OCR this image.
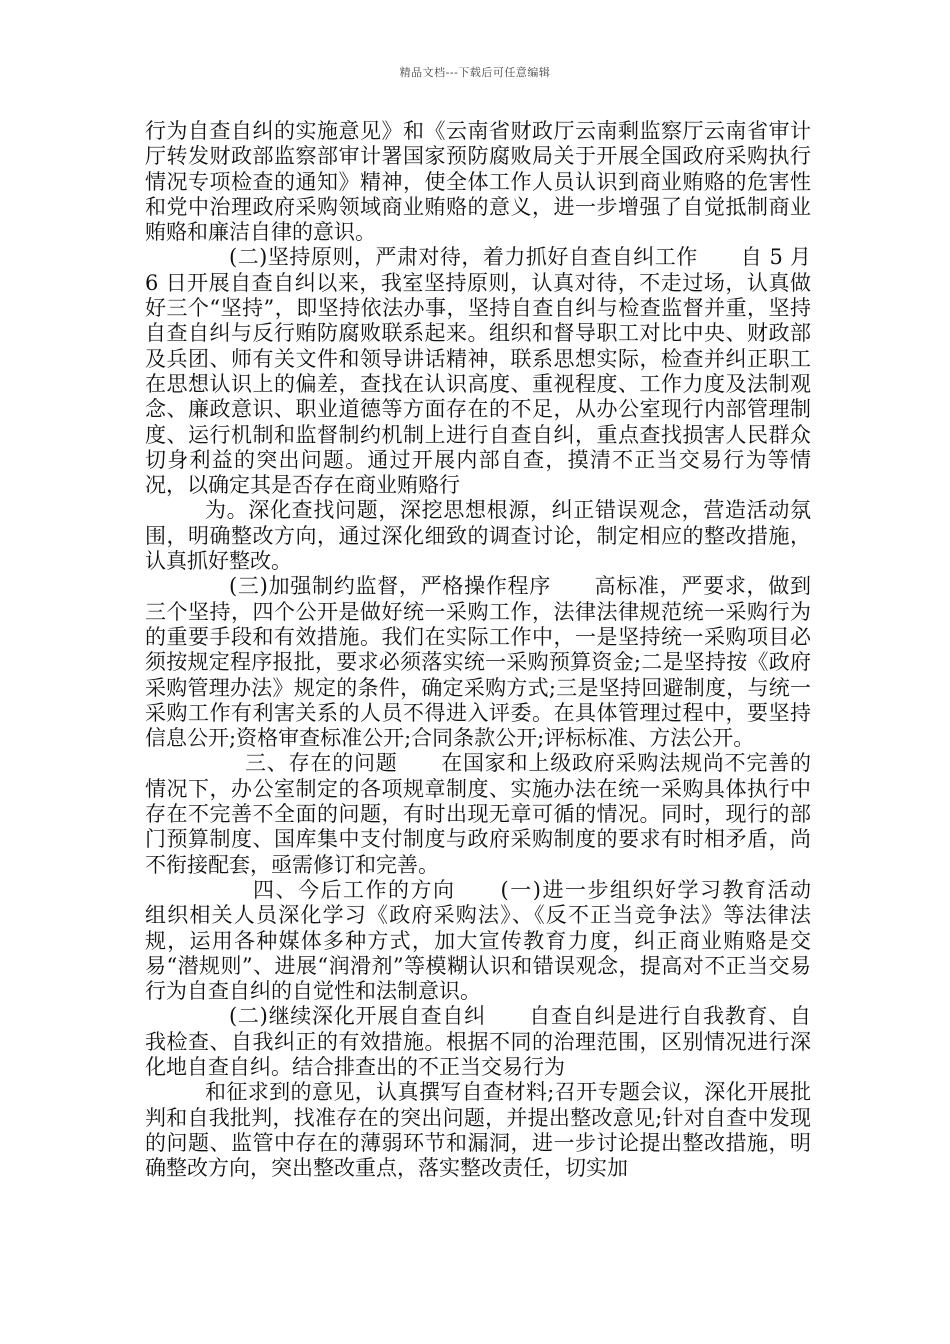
精品文档---下载后可任意编辑

行为自查自纠的实施意见》和《云南省财政厅云南剩监察厅云南省审计厅转发财政部监察部审计署国家预防腐败局关于开展全国政府采购执行情况专项检查的通知》精神，使全体工作人员认识到商业贿赂的危害性和党中治理政府采购领域商业贿赂的意义，进一步增强了自觉抵制商业贿赂和廉洁自律的意识。

(二)坚持原则，严肃对待，着力抓好自查自纠工作　　自 5 月 6 日开展自查自纠以来，我室坚持原则，认真对待，不走过场，认真做好三个“坚持”，即坚持依法办事，坚持自查自纠与检查监督并重，坚持自查自纠与反行贿防腐败联系起来。组织和督导职工对比中央、财政部及兵团、师有关文件和领导讲话精神，联系思想实际，检查并纠正职工在思想认识上的偏差，查找在认识高度、重视程度、工作力度及法制观念、廉政意识、职业道德等方面存在的不足，从办公室现行内部管理制度、运行机制和监督制约机制上进行自查自纠，重点查找损害人民群众切身利益的突出问题。通过开展内部自查，摸清不正当交易行为等情况，以确定其是否存在商业贿赂行

为。深化查找问题，深挖思想根源，纠正错误观念，营造活动氛围，明确整改方向，通过深化细致的调查讨论，制定相应的整改措施，认真抓好整改。

(三)加强制约监督，严格操作程序　　高标准，严要求，做到三个坚持，四个公开是做好统一采购工作，法律法律规范统一采购行为的重要手段和有效措施。我们在实际工作中，一是坚持统一采购项目必须按规定程序报批，要求必须落实统一采购预算资金;二是坚持按《政府采购管理办法》规定的条件，确定采购方式;三是坚持回避制度，与统一采购工作有利害关系的人员不得进入评委。在具体管理过程中，要坚持信息公开;资格审查标准公开;合同条款公开;评标标准、方法公开。

三、存在的问题　　在国家和上级政府采购法规尚不完善的情况下，办公室制定的各项规章制度、实施办法在统一采购具体执行中存在不完善不全面的问题，有时出现无章可循的情况。同时，现行的部门预算制度、国库集中支付制度与政府采购制度的要求有时相矛盾，尚不衔接配套，亟需修订和完善。

四、今后工作的方向　　(一)进一步组织好学习教育活动　组织相关人员深化学习《政府采购法》、《反不正当竞争法》等法律法规，运用各种媒体多种方式，加大宣传教育力度，纠正商业贿赂是交易“潜规则”、进展“润滑剂”等模糊认识和错误观念，提高对不正当交易行为自查自纠的自觉性和法制意识。

(二)继续深化开展自查自纠　　自查自纠是进行自我教育、自我检查、自我纠正的有效措施。根据不同的治理范围，区别情况进行深化地自查自纠。结合排查出的不正当交易行为

和征求到的意见，认真撰写自查材料;召开专题会议，深化开展批判和自我批判，找准存在的突出问题，并提出整改意见;针对自查中发现的问题、监管中存在的薄弱环节和漏洞，进一步讨论提出整改措施，明确整改方向，突出整改重点，落实整改责任，切实加
